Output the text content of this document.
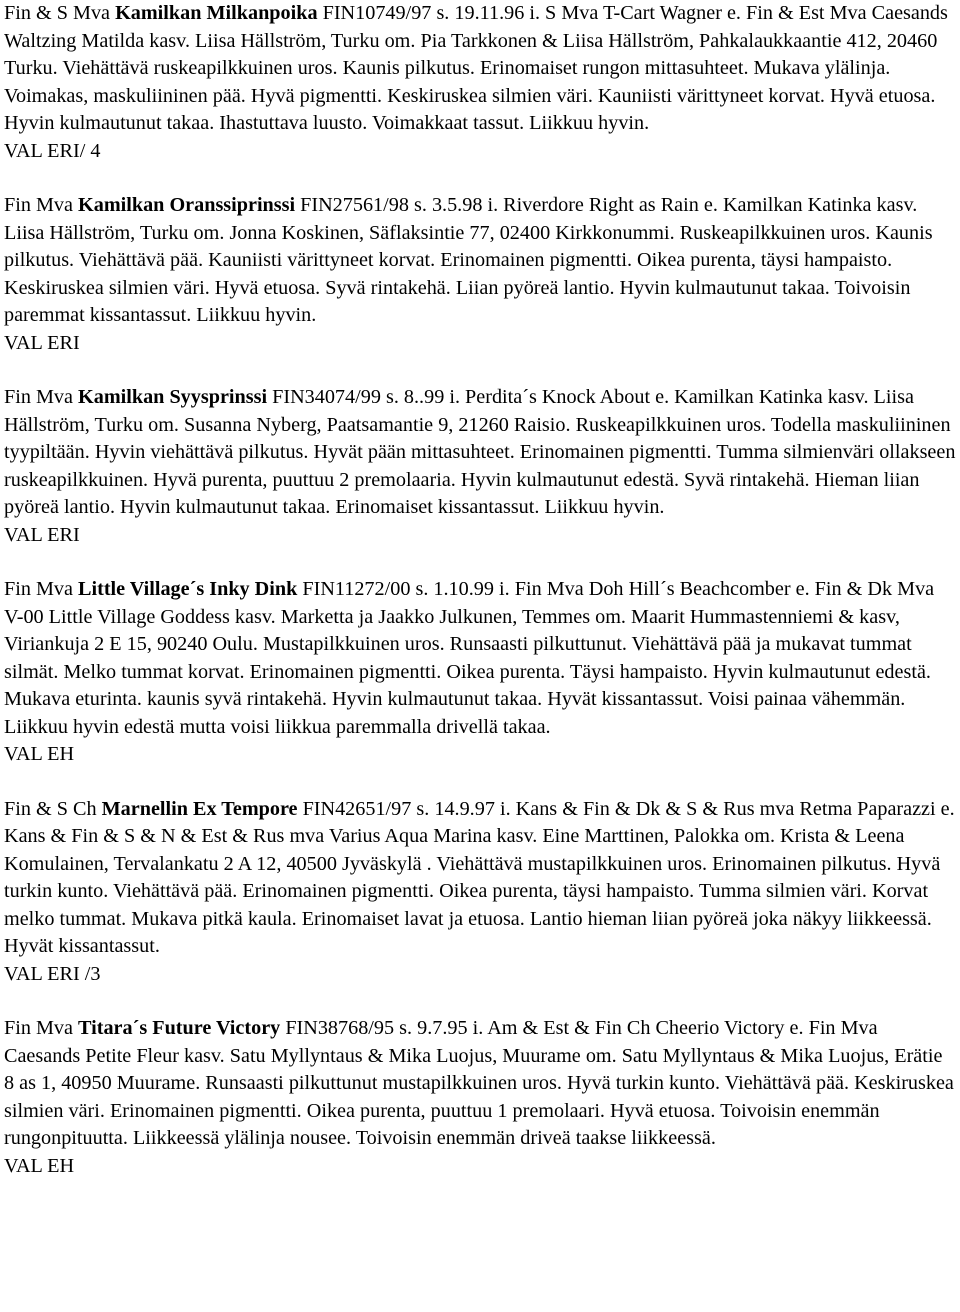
Fin & S Mva Kamilkan Milkanpoika FIN10749/97 s. 19.11.96 i. S Mva T-Cart Wagner e. Fin & Est Mva Caesands Waltzing Matilda kasv. Liisa Hällström, Turku om. Pia Tarkkonen & Liisa Hällström, Pahkalaukkaantie 412, 20460 Turku. Viehättävä ruskeapilkkuinen uros. Kaunis pilkutus. Erinomaiset rungon mittasuhteet. Mukava ylälinja. Voimakas, maskuliininen pää. Hyvä pigmentti. Keskiruskea silmien väri. Kauniisti värittyneet korvat. Hyvä etuosa. Hyvin kulmautunut takaa. Ihastuttava luusto. Voimakkaat tassut. Liikkuu hyvin.

VAL ERI/ 4

Fin Mva Kamilkan Oranssiprinssi FIN27561/98 s. 3.5.98 i. Riverdore Right as Rain e. Kamilkan Katinka kasv. Liisa Hällström, Turku om. Jonna Koskinen, Säflaksintie 77, 02400 Kirkkonummi. Ruskeapilkkuinen uros. Kaunis pilkutus. Viehättävä pää. Kauniisti värittyneet korvat. Erinomainen pigmentti. Oikea purenta, täysi hampaisto. Keskiruskea silmien väri. Hyvä etuosa. Syvä rintakehä. Liian pyöreä lantio. Hyvin kulmautunut takaa. Toivoisin paremmat kissantassut. Liikkuu hyvin.

VAL ERI

Fin Mva Kamilkan Syysprinssi FIN34074/99 s. 8..99 i. Perdita´s Knock About e. Kamilkan Katinka kasv. Liisa Hällström, Turku om. Susanna Nyberg, Paatsamantie 9, 21260 Raisio. Ruskeapilkkuinen uros. Todella maskuliininen tyypiltään. Hyvin viehättävä pilkutus. Hyvät pään mittasuhteet. Erinomainen pigmentti. Tumma silmienväri ollakseen ruskeapilkkuinen. Hyvä purenta, puuttuu 2 premolaaria. Hyvin kulmautunut edestä. Syvä rintakehä. Hieman liian pyöreä lantio. Hyvin kulmautunut takaa. Erinomaiset kissantassut. Liikkuu hyvin.

VAL ERI

Fin Mva Little Village´s Inky Dink FIN11272/00 s. 1.10.99 i. Fin Mva Doh Hill´s Beachcomber e. Fin & Dk Mva V-00 Little Village Goddess kasv. Marketta ja Jaakko Julkunen, Temmes om. Maarit Hummastenniemi & kasv, Viriankuja 2 E 15, 90240 Oulu. Mustapilkkuinen uros. Runsaasti pilkuttunut. Viehättävä pää ja mukavat tummat silmät. Melko tummat korvat. Erinomainen pigmentti. Oikea purenta. Täysi hampaisto. Hyvin kulmautunut edestä. Mukava eturinta. kaunis syvä rintakehä. Hyvin kulmautunut takaa. Hyvät kissantassut. Voisi painaa vähemmän. Liikkuu hyvin edestä mutta voisi liikkua paremmalla drivellä takaa.

VAL EH

Fin & S Ch Marnellin Ex Tempore FIN42651/97 s. 14.9.97 i. Kans & Fin & Dk & S & Rus mva Retma Paparazzi e. Kans & Fin & S & N & Est & Rus mva Varius Aqua Marina kasv. Eine Marttinen, Palokka om. Krista & Leena Komulainen, Tervalankatu 2 A 12, 40500 Jyväskylä . Viehättävä mustapilkkuinen uros. Erinomainen pilkutus. Hyvä turkin kunto. Viehättävä pää. Erinomainen pigmentti. Oikea purenta, täysi hampaisto. Tumma silmien väri. Korvat melko tummat. Mukava pitkä kaula. Erinomaiset lavat ja etuosa. Lantio hieman liian pyöreä joka näkyy liikkeessä. Hyvät kissantassut.

VAL ERI /3

Fin Mva Titara´s Future Victory FIN38768/95 s. 9.7.95 i. Am & Est & Fin Ch Cheerio Victory e. Fin Mva Caesands Petite Fleur kasv. Satu Myllyntaus & Mika Luojus, Muurame om. Satu Myllyntaus & Mika Luojus, Erätie 8 as 1, 40950 Muurame. Runsaasti pilkuttunut mustapilkkuinen uros. Hyvä turkin kunto. Viehättävä pää. Keskiruskea silmien väri. Erinomainen pigmentti. Oikea purenta, puuttuu 1 premolaari. Hyvä etuosa. Toivoisin enemmän rungonpituutta. Liikkeessä ylälinja nousee. Toivoisin enemmän driveä taakse liikkeessä.

VAL EH
